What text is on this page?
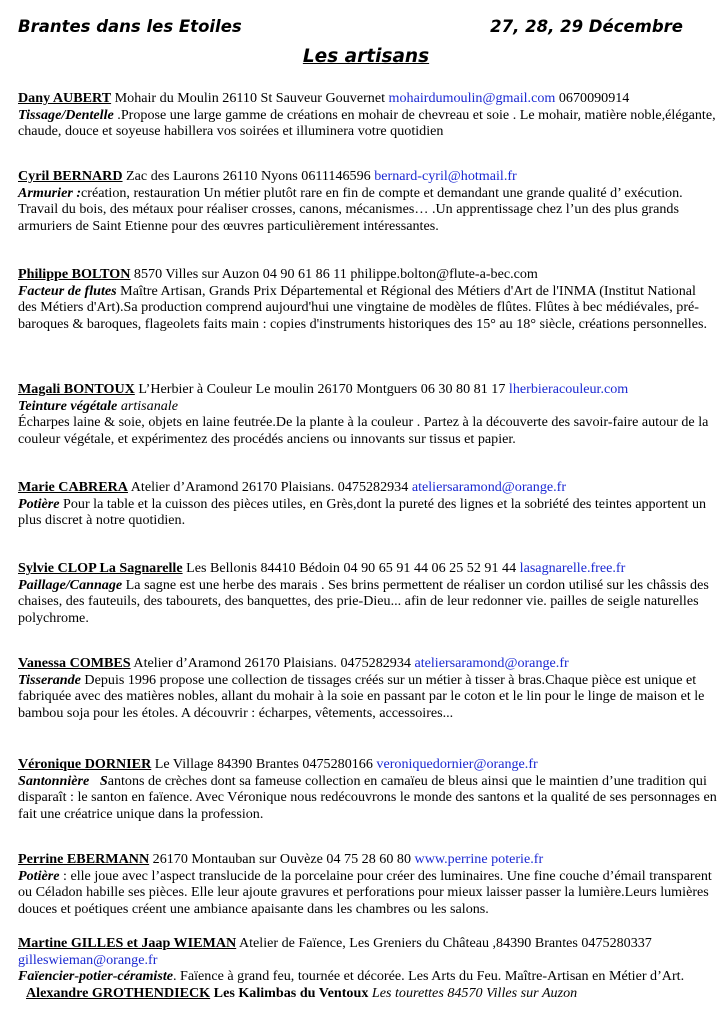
Brantes dans les Etoiles	27, 28, 29 Décembre
Les artisans
Dany AUBERT Mohair du Moulin 26110 St Sauveur Gouvernet mohairdumoulin@gmail.com 0670090914
Tissage/Dentelle .Propose une large gamme de créations en mohair de chevreau et soie . Le mohair, matière noble,élégante, chaude, douce et soyeuse habillera vos soirées et illuminera votre quotidien
Cyril BERNARD Zac des Laurons 26110 Nyons 0611146596 bernard-cyril@hotmail.fr
Armurier :création, restauration Un métier plutôt rare en fin de compte et demandant une grande qualité d’ exécution. Travail du bois, des métaux pour réaliser crosses, canons, mécanismes… .Un apprentissage chez l’un des plus grands armuriers de Saint Etienne pour des œuvres particulièrement intéressantes.
Philippe BOLTON 8570 Villes sur Auzon 04 90 61 86 11 philippe.bolton@flute-a-bec.com
Facteur de flutes Maître Artisan, Grands Prix Départemental et Régional des Métiers d'Art de l'INMA (Institut National des Métiers d'Art).Sa production comprend aujourd'hui une vingtaine de modèles de flûtes. Flûtes à bec médiévales, pré-baroques & baroques, flageolets faits main : copies d'instruments historiques des 15° au 18° siècle, créations personnelles.
Magali BONTOUX L’Herbier à Couleur Le moulin 26170 Montguers 06 30 80 81 17 lherbieracouleur.com
Teinture végétale artisanale
Écharpes laine & soie, objets en laine feutrée.De la plante à la couleur . Partez à la découverte des savoir-faire autour de la couleur végétale, et expérimentez des procédés anciens ou innovants sur tissus et papier.
Marie CABRERA Atelier d’Aramond 26170 Plaisians. 0475282934 ateliersaramond@orange.fr
Potière Pour la table et la cuisson des pièces utiles, en Grès,dont la pureté des lignes et la sobriété des teintes apportent un plus discret à notre quotidien.
Sylvie CLOP La Sagnarelle Les Bellonis 84410 Bédoin 04 90 65 91 44 06 25 52 91 44 lasagnarelle.free.fr
Paillage/Cannage La sagne est une herbe des marais . Ses brins permettent de réaliser un cordon utilisé sur les châssis des chaises, des fauteuils, des tabourets, des banquettes, des prie-Dieu... afin de leur redonner vie. pailles de seigle naturelles polychrome.
Vanessa COMBES Atelier d’Aramond 26170 Plaisians. 0475282934 ateliersaramond@orange.fr
Tisserande Depuis 1996 propose une collection de tissages créés sur un métier à tisser à bras.Chaque pièce est unique et fabriquée avec des matières nobles, allant du mohair à la soie en passant par le coton et le lin pour le linge de maison et le bambou soja pour les étoles. A découvrir : écharpes, vêtements, accessoires...
Véronique DORNIER Le Village 84390 Brantes 0475280166 veroniquedornier@orange.fr
Santonnière Santons de crèches dont sa fameuse collection en camaïeu de bleus ainsi que le maintien d’une tradition qui disparaît : le santon en faïence. Avec Véronique nous redécouvrons le monde des santons et la qualité de ses personnages en fait une créatrice unique dans la profession.
Perrine EBERMANN 26170 Montauban sur Ouvèze 04 75 28 60 80 www.perrine poterie.fr
Potière : elle joue avec l’aspect translucide de la porcelaine pour créer des luminaires. Une fine couche d’émail transparent ou Céladon habille ses pièces. Elle leur ajoute gravures et perforations pour mieux laisser passer la lumière.Leurs lumières douces et poétiques créent une ambiance apaisante dans les chambres ou les salons.
Martine GILLES et Jaap WIEMAN Atelier de Faïence, Les Greniers du Château ,84390 Brantes 0475280337
gilleswieman@orange.fr
Faïencier-potier-céramiste. Faïence à grand feu, tournée et décorée. Les Arts du Feu. Maître-Artisan en Métier d’Art.
Alexandre GROTHENDIECK Les Kalimbas du Ventoux Les tourettes 84570 Villes sur Auzon
